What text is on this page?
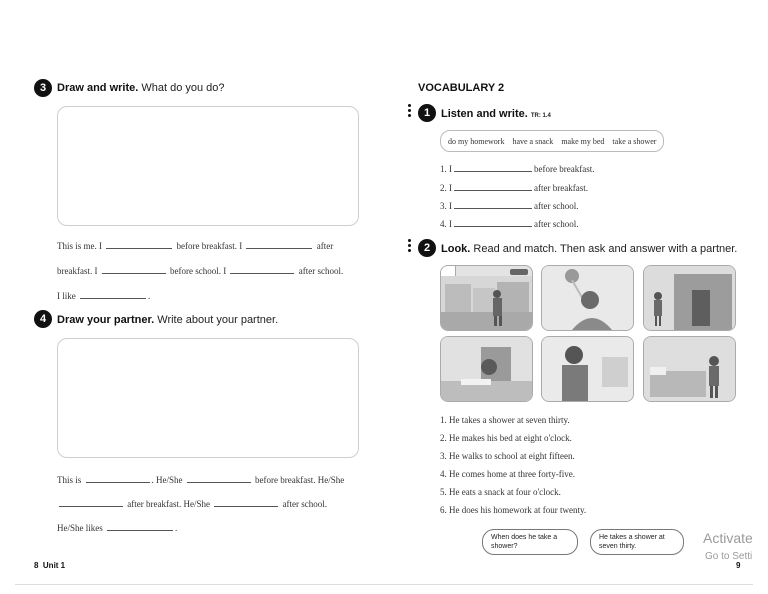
3 Draw and write. What do you do?
This is me. I	before breakfast. I	after
breakfast. I	before school. I	after school.
I like	.
4 Draw your partner. Write about your partner.
This is	. He/She	before breakfast. He/She
after breakfast. He/She	after school.
He/She likes	.
8 Unit 1
VOCABULARY 2
1 Listen and write. TR: 1.4
do my homework have a snack make my bed take a shower
1. I	before breakfast.
2. I	after breakfast.
3. I	after school.
4. I	after school.
2 Look. Read and match. Then ask and answer with a partner.
1. He takes a shower at seven thirty.
2. He makes his bed at eight o'clock.
3. He walks to school at eight fifteen.
4. He comes home at three forty-five.
5. He eats a snack at four o'clock.
6. He does his homework at four twenty.
When does he take a shower?
He takes a shower at seven thirty.
9
Activate
Go to Setti
